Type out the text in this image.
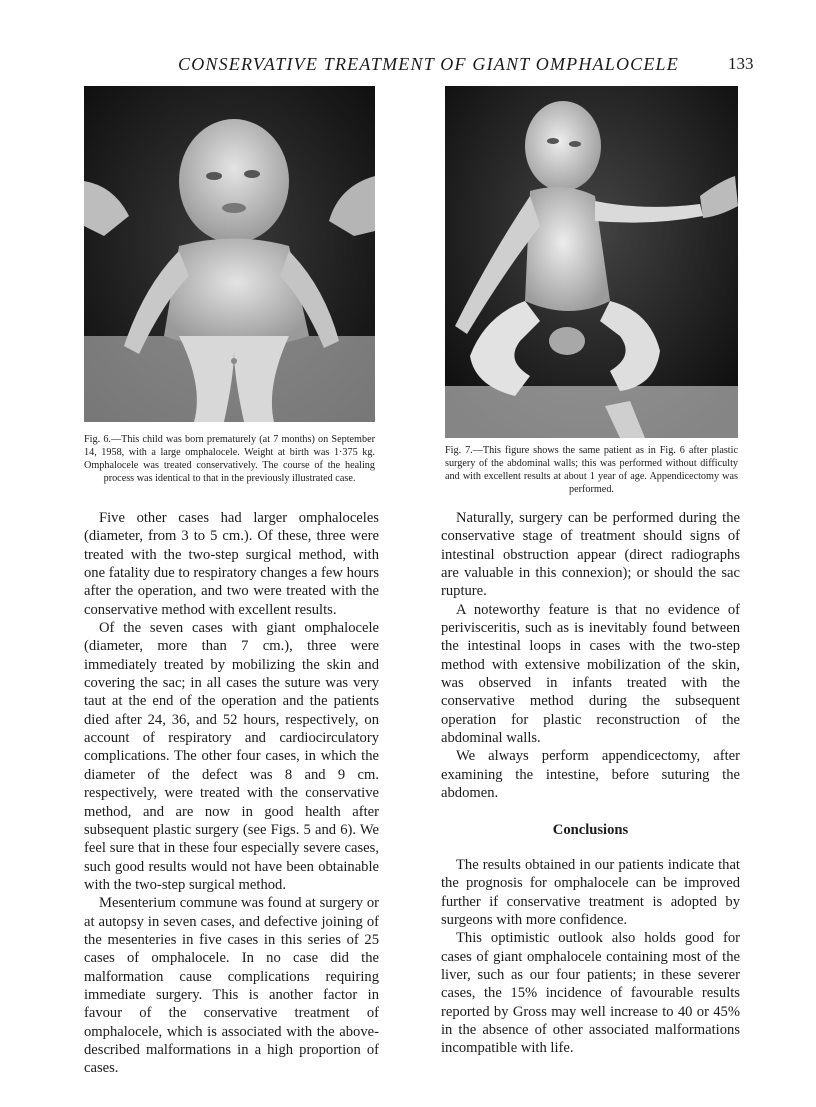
CONSERVATIVE TREATMENT OF GIANT OMPHALOCELE	133
Fig. 6.—This child was born prematurely (at 7 months) on September 14, 1958, with a large omphalocele. Weight at birth was 1·375 kg. Omphalocele was treated conservatively. The course of the healing process was identical to that in the previously illustrated case.
Fig. 7.—This figure shows the same patient as in Fig. 6 after plastic surgery of the abdominal walls; this was performed without difficulty and with excellent results at about 1 year of age. Appendicectomy was performed.

Five other cases had larger omphaloceles (diameter, from 3 to 5 cm.). Of these, three were treated with the two-step surgical method, with one fatality due to respiratory changes a few hours after the operation, and two were treated with the conservative method with excellent results.

Of the seven cases with giant omphalocele (diameter, more than 7 cm.), three were immediately treated by mobilizing the skin and covering the sac; in all cases the suture was very taut at the end of the operation and the patients died after 24, 36, and 52 hours, respectively, on account of respiratory and cardiocirculatory complications. The other four cases, in which the diameter of the defect was 8 and 9 cm. respectively, were treated with the conservative method, and are now in good health after subsequent plastic surgery (see Figs. 5 and 6). We feel sure that in these four especially severe cases, such good results would not have been obtainable with the two-step surgical method.

Mesenterium commune was found at surgery or at autopsy in seven cases, and defective joining of the mesenteries in five cases in this series of 25 cases of omphalocele. In no case did the malformation cause complications requiring immediate surgery. This is another factor in favour of the conservative treatment of omphalocele, which is associated with the above-described malformations in a high proportion of cases.

Naturally, surgery can be performed during the conservative stage of treatment should signs of intestinal obstruction appear (direct radiographs are valuable in this connexion); or should the sac rupture.

A noteworthy feature is that no evidence of perivisceritis, such as is inevitably found between the intestinal loops in cases with the two-step method with extensive mobilization of the skin, was observed in infants treated with the conservative method during the subsequent operation for plastic reconstruction of the abdominal walls.

We always perform appendicectomy, after examining the intestine, before suturing the abdomen.

Conclusions

The results obtained in our patients indicate that the prognosis for omphalocele can be improved further if conservative treatment is adopted by surgeons with more confidence.

This optimistic outlook also holds good for cases of giant omphalocele containing most of the liver, such as our four patients; in these severer cases, the 15% incidence of favourable results reported by Gross may well increase to 40 or 45% in the absence of other associated malformations incompatible with life.
